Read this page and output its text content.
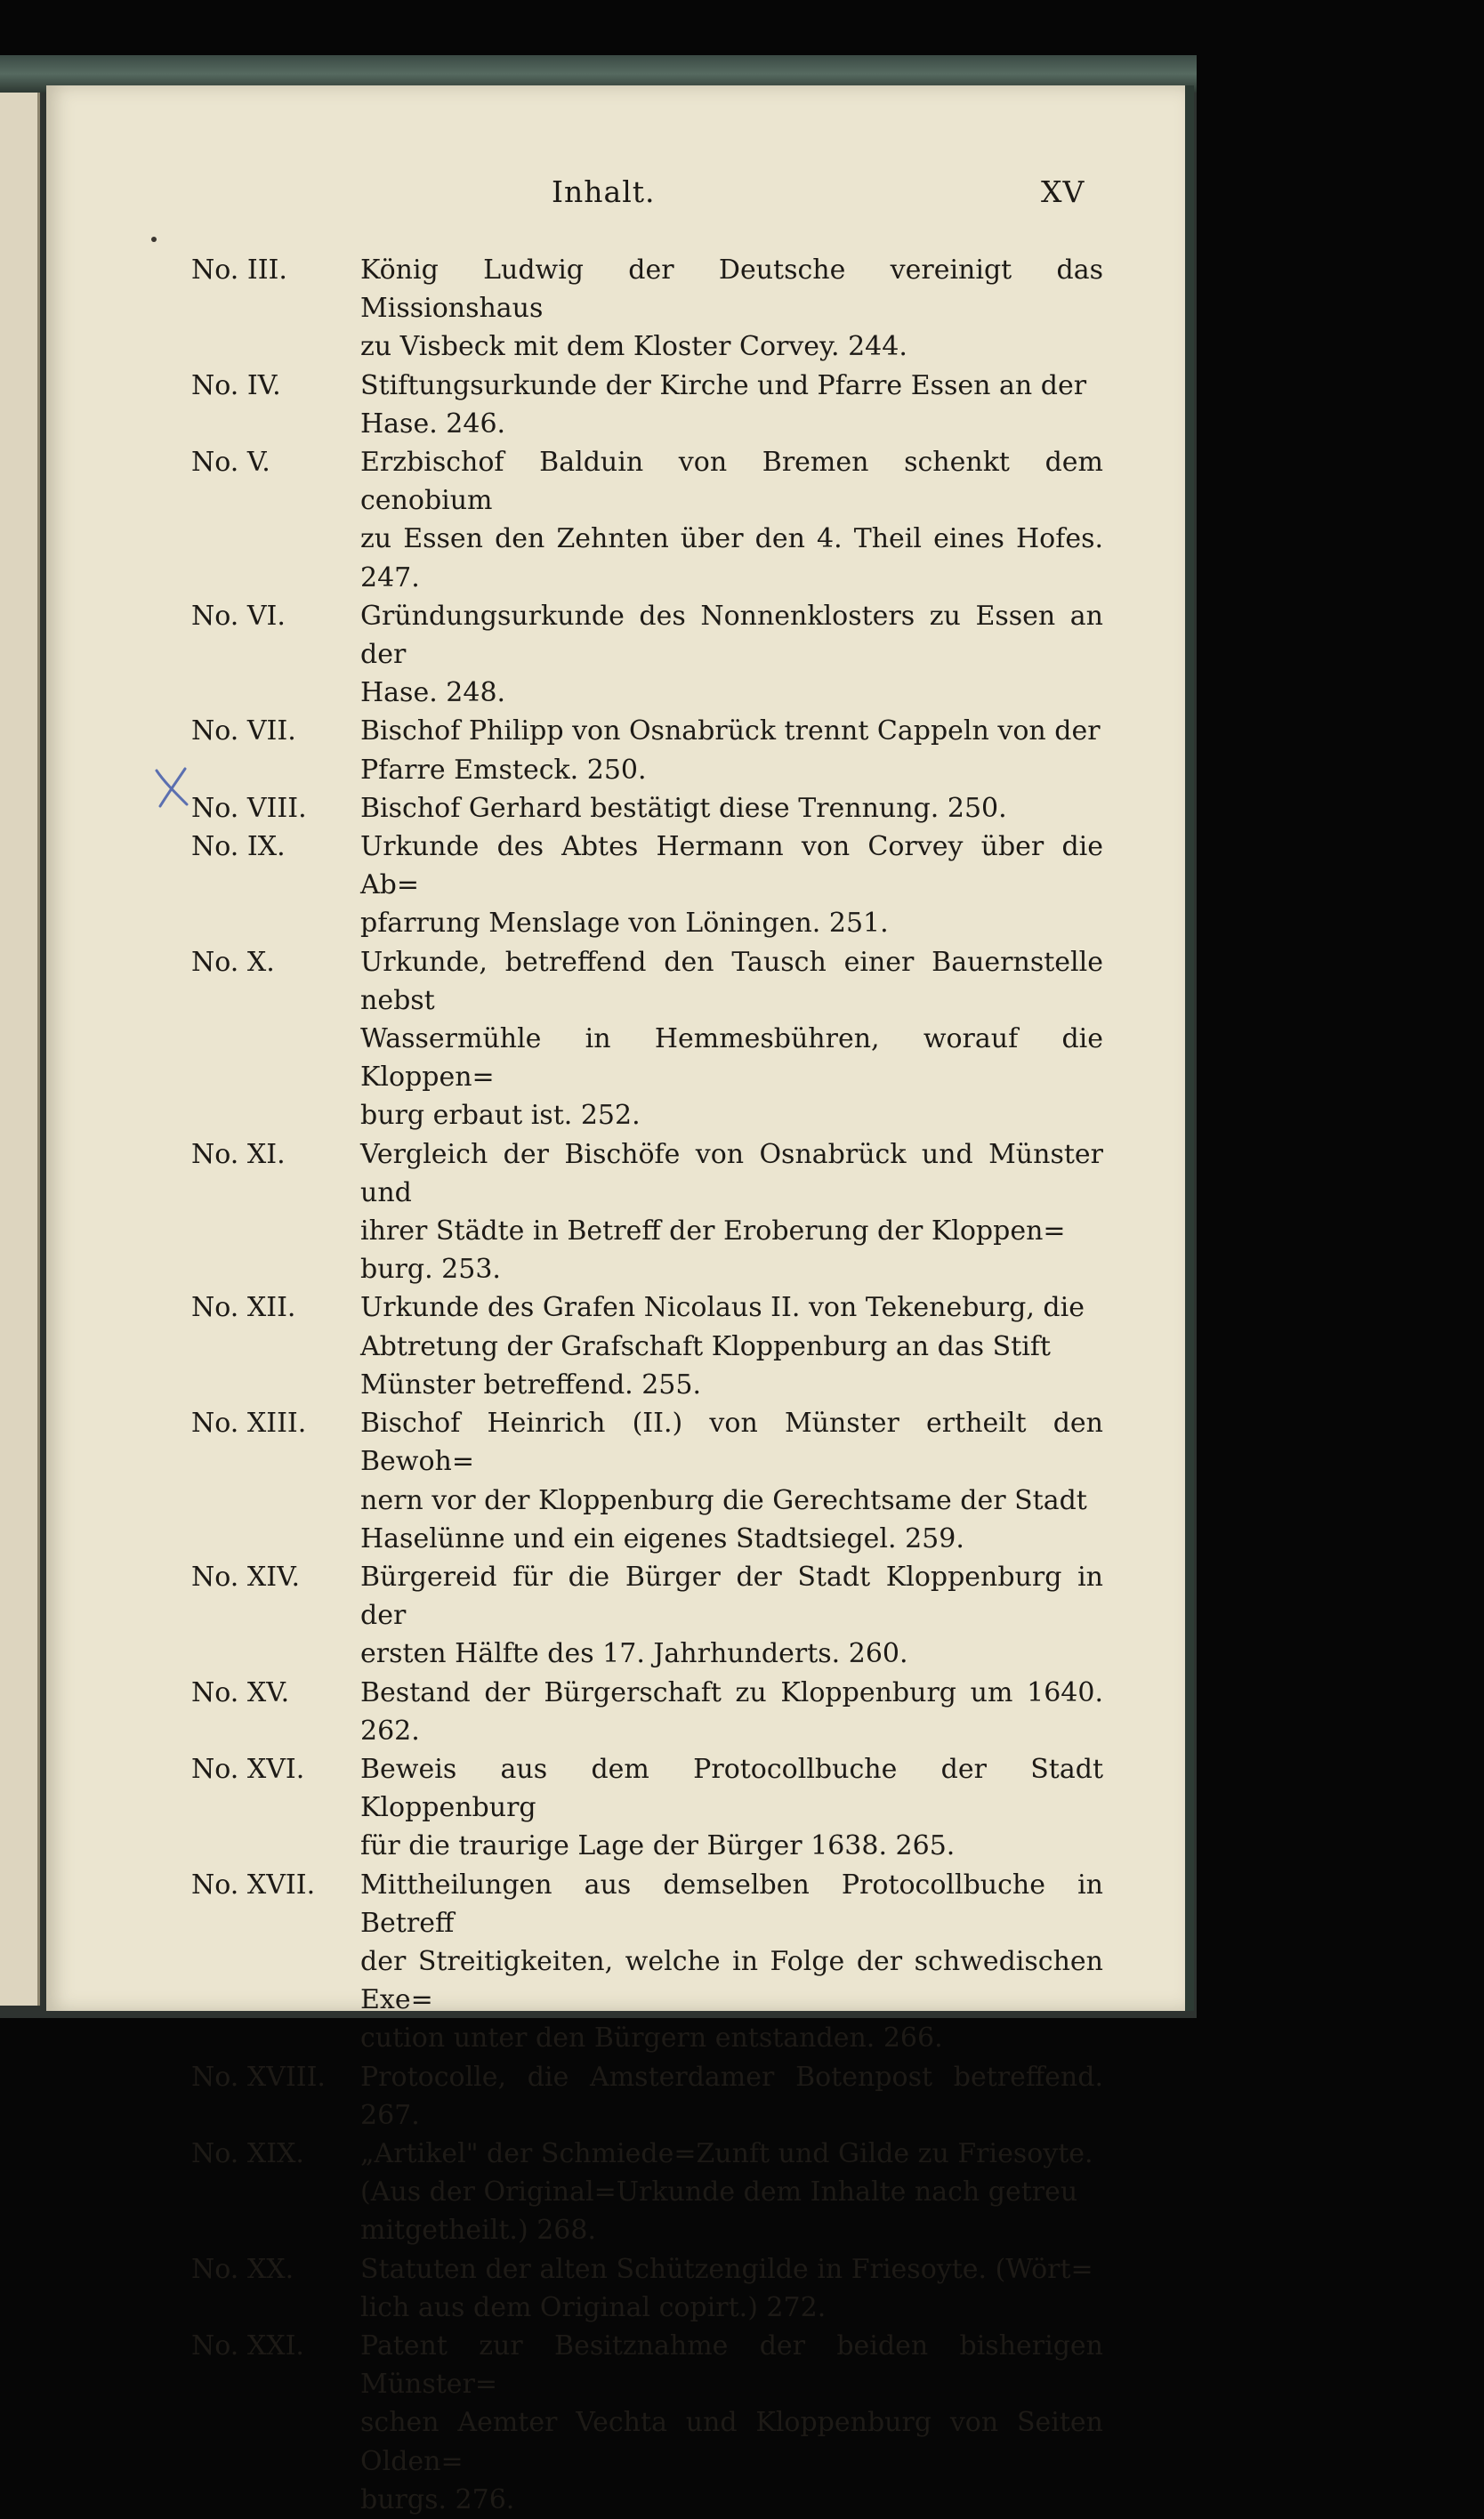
Inhalt.	XV
No. III.	König Ludwig der Deutsche vereinigt das Missionshaus
zu Visbeck mit dem Kloster Corvey. 244.
No. IV.	Stiftungsurkunde der Kirche und Pfarre Essen an der
Hase. 246.
No. V.	Erzbischof Balduin von Bremen schenkt dem cenobium
zu Essen den Zehnten über den 4. Theil eines Hofes. 247.
No. VI.	Gründungsurkunde des Nonnenklosters zu Essen an der
Hase. 248.
No. VII.	Bischof Philipp von Osnabrück trennt Cappeln von der
Pfarre Emsteck. 250.
No. VIII.	Bischof Gerhard bestätigt diese Trennung. 250.
No. IX.	Urkunde des Abtes Hermann von Corvey über die Ab=
pfarrung Menslage von Löningen. 251.
No. X.	Urkunde, betreffend den Tausch einer Bauernstelle nebst
Wassermühle in Hemmesbühren, worauf die Kloppen=
burg erbaut ist. 252.
No. XI.	Vergleich der Bischöfe von Osnabrück und Münster und
ihrer Städte in Betreff der Eroberung der Kloppen=
burg. 253.
No. XII.	Urkunde des Grafen Nicolaus II. von Tekeneburg, die
Abtretung der Grafschaft Kloppenburg an das Stift
Münster betreffend. 255.
No. XIII.	Bischof Heinrich (II.) von Münster ertheilt den Bewoh=
nern vor der Kloppenburg die Gerechtsame der Stadt
Haselünne und ein eigenes Stadtsiegel. 259.
No. XIV.	Bürgereid für die Bürger der Stadt Kloppenburg in der
ersten Hälfte des 17. Jahrhunderts. 260.
No. XV.	Bestand der Bürgerschaft zu Kloppenburg um 1640. 262.
No. XVI.	Beweis aus dem Protocollbuche der Stadt Kloppenburg
für die traurige Lage der Bürger 1638. 265.
No. XVII.	Mittheilungen aus demselben Protocollbuche in Betreff
der Streitigkeiten, welche in Folge der schwedischen Exe=
cution unter den Bürgern entstanden. 266.
No. XVIII.	Protocolle, die Amsterdamer Botenpost betreffend. 267.
No. XIX.	„Artikel" der Schmiede=Zunft und Gilde zu Friesoyte.
(Aus der Original=Urkunde dem Inhalte nach getreu
mitgetheilt.) 268.
No. XX.	Statuten der alten Schützengilde in Friesoyte. (Wört=
lich aus dem Original copirt.) 272.
No. XXI.	Patent zur Besitznahme der beiden bisherigen Münster=
schen Aemter Vechta und Kloppenburg von Seiten Olden=
burgs. 276.
